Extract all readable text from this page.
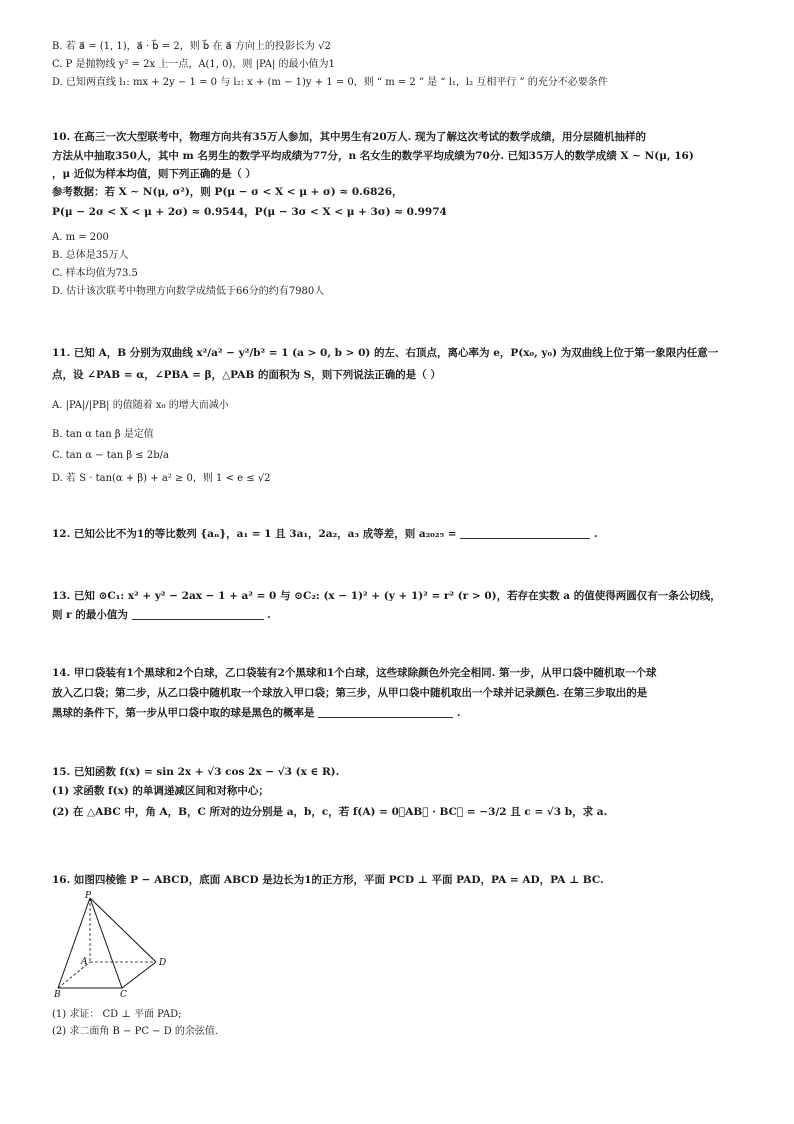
B. 若 a⃗ = (1, 1)，a⃗ · b⃗ = 2，则 b⃗ 在 a⃗ 方向上的投影长为 √2
C. P 是抛物线 y² = 2x 上一点，A(1, 0)，则 |PA| 的最小值为1
D. 已知两直线 l₁: mx + 2y − 1 = 0 与 l₂: x + (m − 1)y + 1 = 0，则 “ m = 2 ” 是 “ l₁，l₂ 互相平行 ” 的充分不必要条件
10. 在高三一次大型联考中，物理方向共有35万人参加，其中男生有20万人. 现为了解这次考试的数学成绩，用分层随机抽样的
方法从中抽取350人，其中 m 名男生的数学平均成绩为77分，n 名女生的数学平均成绩为70分. 已知35万人的数学成绩 X ∼ N(μ, 16)
，μ 近似为样本均值，则下列正确的是（ ）
参考数据：若 X ∼ N(μ, σ²)，则 P(μ − σ < X < μ + σ) ≈ 0.6826，
P(μ − 2σ < X < μ + 2σ) ≈ 0.9544，P(μ − 3σ < X < μ + 3σ) ≈ 0.9974
A. m = 200
B. 总体是35万人
C. 样本均值为73.5
D. 估计该次联考中物理方向数学成绩低于66分的约有7980人
11. 已知 A，B 分别为双曲线 x²/a² − y²/b² = 1 (a > 0, b > 0) 的左、右顶点，离心率为 e，P(x₀, y₀) 为双曲线上位于第一象限内任意一
点，设 ∠PAB = α，∠PBA = β，△PAB 的面积为 S，则下列说法正确的是（ ）
A. |PA|/|PB| 的值随着 x₀ 的增大而减小
B. tan α tan β 是定值
C. tan α − tan β ≤ 2b/a
D. 若 S · tan(α + β) + a² ≥ 0，则 1 < e ≤ √2
12. 已知公比不为1的等比数列 {aₙ}，a₁ = 1 且 3a₁，2a₂，a₃ 成等差，则 a₂₀₂₅ =	.
13. 已知 ⊙C₁: x² + y² − 2ax − 1 + a² = 0 与 ⊙C₂: (x − 1)² + (y + 1)² = r² (r > 0)，若存在实数 a 的值使得两圆仅有一条公切线，
则 r 的最小值为	.
14. 甲口袋装有1个黑球和2个白球，乙口袋装有2个黑球和1个白球，这些球除颜色外完全相同. 第一步，从甲口袋中随机取一个球
放入乙口袋；第二步，从乙口袋中随机取一个球放入甲口袋；第三步，从甲口袋中随机取出一个球并记录颜色. 在第三步取出的是
黑球的条件下，第一步从甲口袋中取的球是黑色的概率是	.
15. 已知函数 f(x) = sin 2x + √3 cos 2x − √3 (x ∈ R).
(1) 求函数 f(x) 的单调递减区间和对称中心；
(2) 在 △ABC 中，角 A，B，C 所对的边分别是 a，b，c，若 f(A) = 0，AB⃗ · BC⃗ = −3/2 且 c = √3 b，求 a.
16. 如图四棱锥 P − ABCD，底面 ABCD 是边长为1的正方形，平面 PCD ⊥ 平面 PAD，PA = AD，PA ⊥ BC.
P
A
B	C
D
(1) 求证： CD ⊥ 平面 PAD;
(2) 求二面角 B − PC − D 的余弦值.
